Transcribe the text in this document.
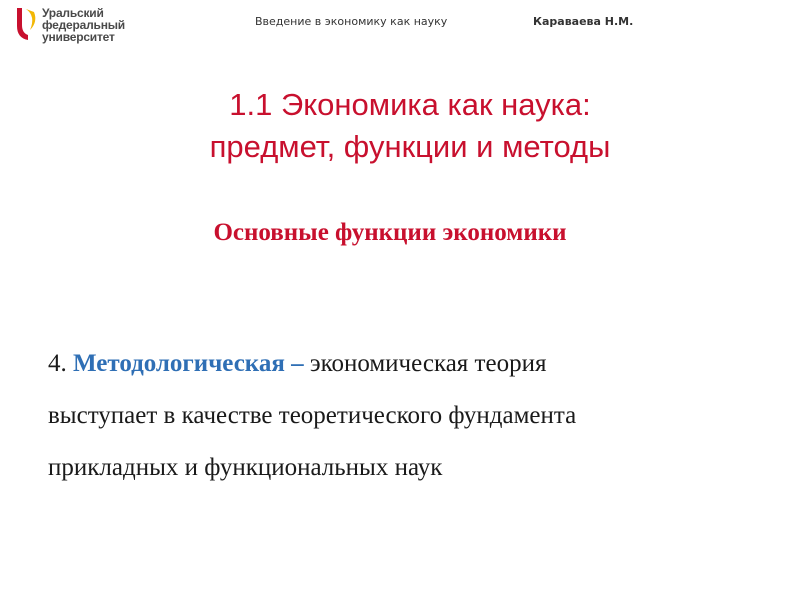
Уральский
федеральный
университет
Введение в экономику как науку	Караваева Н.М.
1.1 Экономика как наука:
предмет, функции и методы
Основные функции экономики
4. Методологическая – экономическая теория
выступает в качестве теоретического фундамента
прикладных и функциональных наук
